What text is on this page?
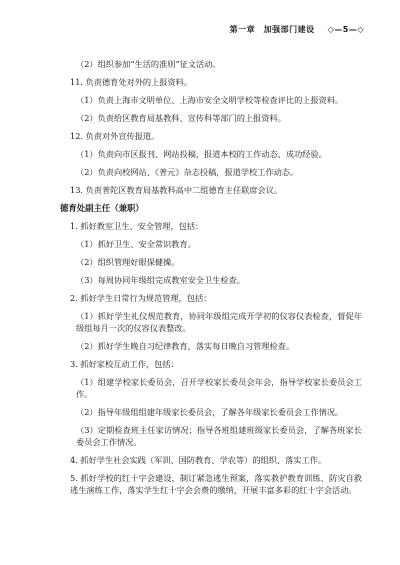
第一章　加强部门建设 ◇—5—◇
（2）组织参加“生活的准则”征文活动。
11. 负责德育处对外的上报资料。
（1）负责上海市文明单位、上海市安全文明学校等检查评比的上报资料。
（2）负责给区教育局基教科、宣传科等部门的上报资料。
12. 负责对外宣传报道。
（1）负责向市区报刊、网站投稿，报道本校的工作动态、成功经验。
（2）负责向校网站、《普元》杂志投稿，报道学校工作动态。
13. 负责普陀区教育局基教科高中二组德育主任联席会议。
德育处副主任（兼职）
1. 抓好教室卫生、安全管理，包括：
（1）抓好卫生、安全常识教育。
（2）组织管理好眼保健操。
（3）每周协同年级组完成教室安全卫生检查。
2. 抓好学生日常行为规范管理，包括：
（1）抓好学生礼仪规范教育，协同年级组完成开学初的仪容仪表检查，督促年级组每月一次的仪容仪表整改。
（2）抓好学生晚自习纪律教育，落实每日晚自习管理检查。
3. 抓好家校互动工作，包括：
（1）组建学校家长委员会，召开学校家长委员会年会，指导学校家长委员会工作。
（2）指导年级组组建年级家长委员会，了解各年级家长委员会工作情况。
（3）定期检查班主任家访情况；指导各班组建班级家长委员会，了解各班家长委员会工作情况。
4. 抓好学生社会实践（军训、国防教育、学农等）的组织、落实工作。
5. 抓好学校的红十字会建设，制订紧急逃生预案，落实救护教育训练、防灾自救逃生演练工作，落实学生红十字会会费的缴纳，开展丰富多彩的红十字会活动。
